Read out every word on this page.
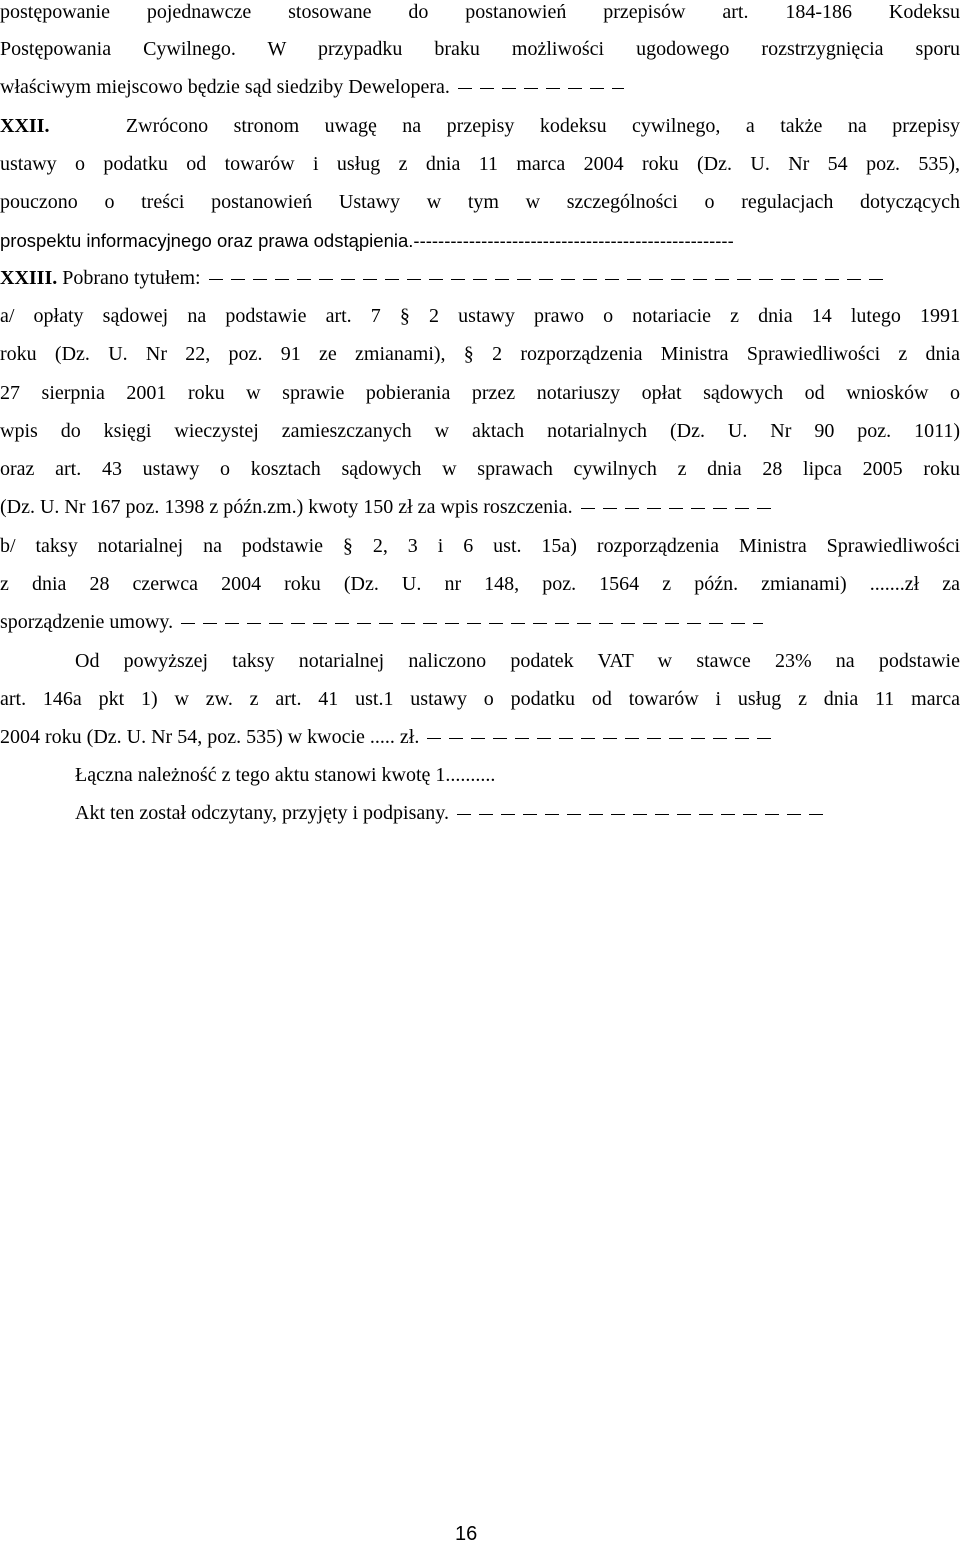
postępowanie pojednawcze stosowane do postanowień przepisów art. 184-186 Kodeksu
Postępowania Cywilnego. W przypadku braku możliwości ugodowego rozstrzygnięcia sporu
właściwym miejscowo będzie sąd siedziby Dewelopera.
XXII.	Zwrócono stronom uwagę na przepisy kodeksu cywilnego, a także na przepisy
ustawy o podatku od towarów i usług z dnia 11 marca 2004 roku (Dz. U. Nr 54 poz. 535),
pouczono o treści postanowień Ustawy w tym w szczególności o regulacjach dotyczących
prospektu informacyjnego oraz prawa odstąpienia.----------------------------------------------------
XXIII. Pobrano tytułem:
a/ opłaty sądowej na podstawie art. 7 § 2 ustawy prawo o notariacie z dnia 14 lutego 1991
roku (Dz. U. Nr 22, poz. 91 ze zmianami), § 2 rozporządzenia Ministra Sprawiedliwości z dnia
27 sierpnia 2001 roku w sprawie pobierania przez notariuszy opłat sądowych od wniosków o
wpis do księgi wieczystej zamieszczanych w aktach notarialnych (Dz. U. Nr 90 poz. 1011)
oraz art. 43 ustawy o kosztach sądowych w sprawach cywilnych z dnia 28 lipca 2005 roku
(Dz. U. Nr 167 poz. 1398 z późn.zm.) kwoty 150 zł za wpis roszczenia.
b/ taksy notarialnej na podstawie § 2, 3 i 6 ust. 15a) rozporządzenia Ministra Sprawiedliwości
z dnia 28 czerwca 2004 roku (Dz. U. nr 148, poz. 1564 z późn. zmianami) .......zł za
sporządzenie umowy.
Od powyższej taksy notarialnej naliczono podatek VAT w stawce 23% na podstawie
art. 146a pkt 1) w zw. z art. 41 ust.1 ustawy o podatku od towarów i usług z dnia 11 marca
2004 roku (Dz. U. Nr 54, poz. 535) w kwocie ..... zł.
Łączna należność z tego aktu stanowi kwotę 1..........
Akt ten został odczytany, przyjęty i podpisany.
16
